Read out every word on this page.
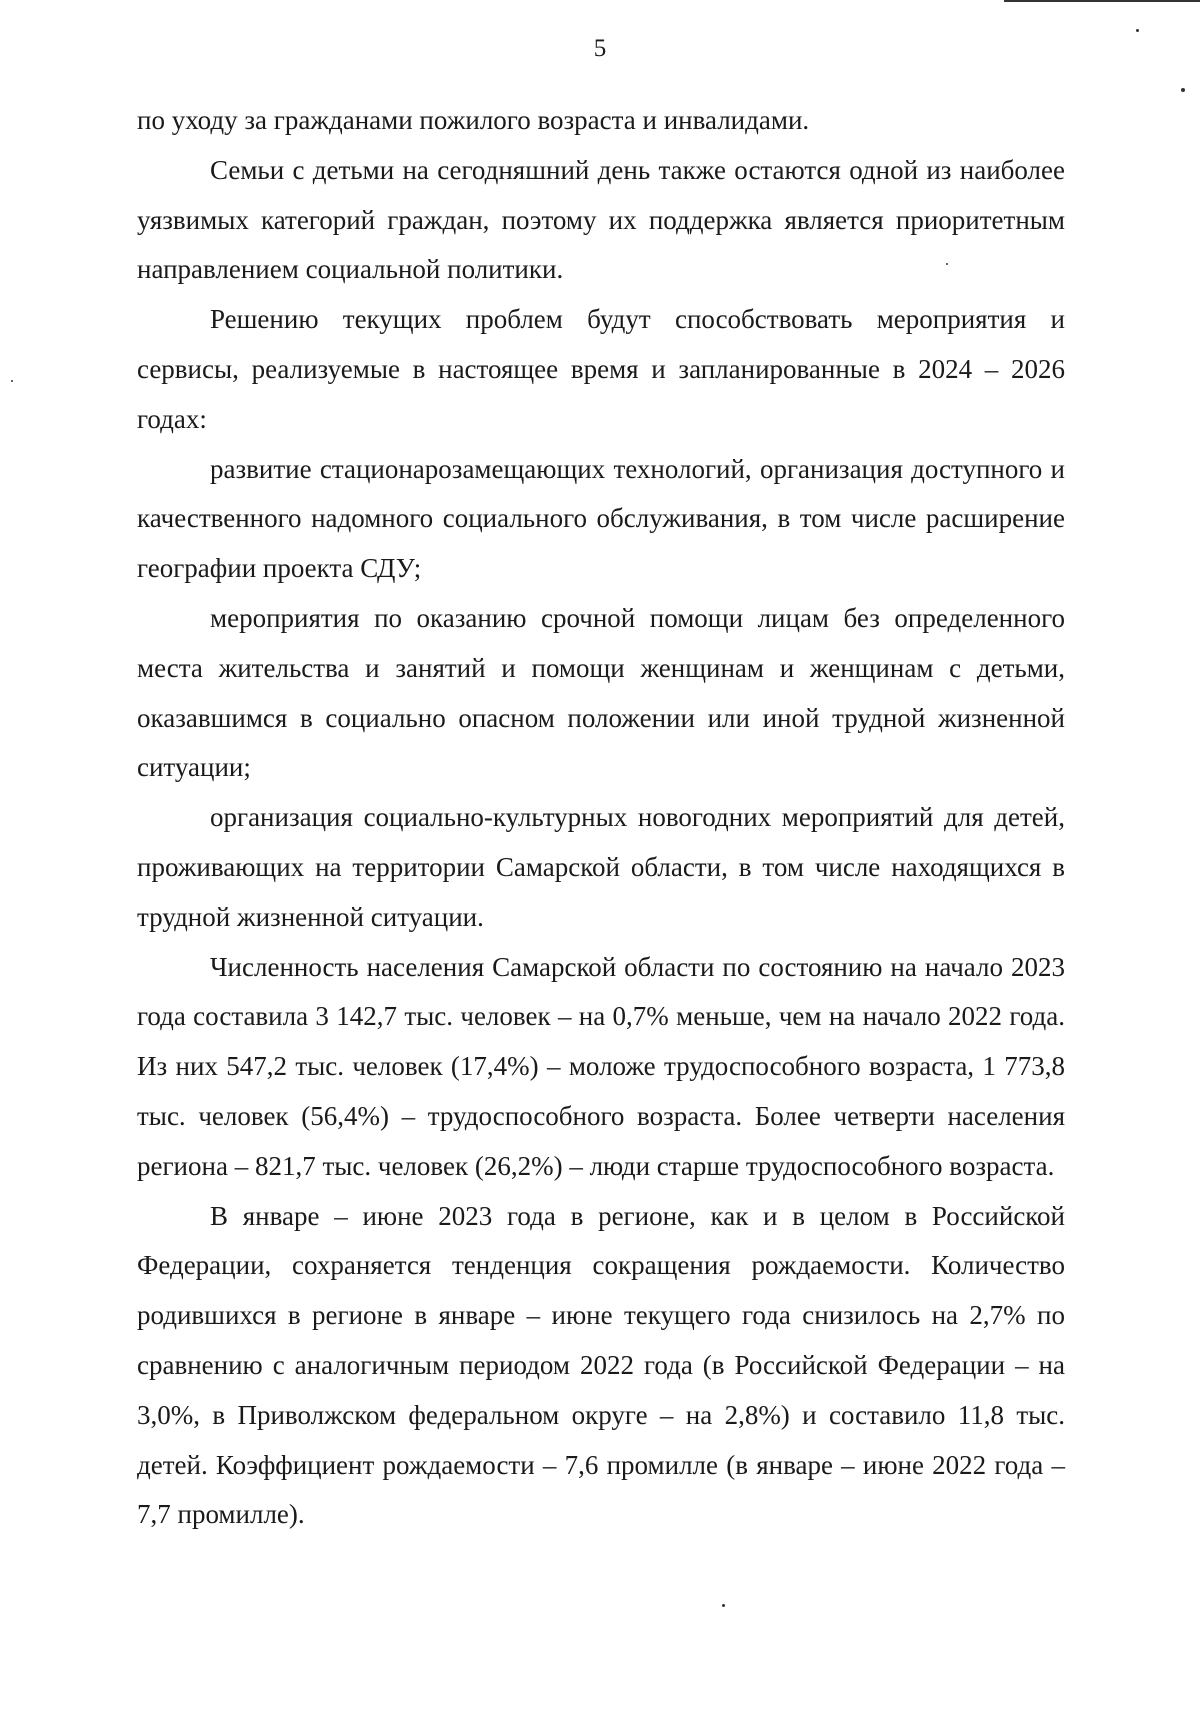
5

по уходу за гражданами пожилого возраста и инвалидами.

Семьи с детьми на сегодняшний день также остаются одной из наиболее уязвимых категорий граждан, поэтому их поддержка является приоритетным направлением социальной политики.

Решению текущих проблем будут способствовать мероприятия и сервисы, реализуемые в настоящее время и запланированные в 2024 – 2026 годах:

развитие стационарозамещающих технологий, организация доступного и качественного надомного социального обслуживания, в том числе расширение географии проекта СДУ;

мероприятия по оказанию срочной помощи лицам без определенного места жительства и занятий и помощи женщинам и женщинам с детьми, оказавшимся в социально опасном положении или иной трудной жизненной ситуации;

организация социально-культурных новогодних мероприятий для детей, проживающих на территории Самарской области, в том числе находящихся в трудной жизненной ситуации.

Численность населения Самарской области по состоянию на начало 2023 года составила 3 142,7 тыс. человек – на 0,7% меньше, чем на начало 2022 года. Из них 547,2 тыс. человек (17,4%) – моложе трудоспособного возраста, 1 773,8 тыс. человек (56,4%) – трудоспособного возраста. Более четверти населения региона – 821,7 тыс. человек (26,2%) – люди старше трудоспособного возраста.

В январе – июне 2023 года в регионе, как и в целом в Российской Федерации, сохраняется тенденция сокращения рождаемости. Количество родившихся в регионе в январе – июне текущего года снизилось на 2,7% по сравнению с аналогичным периодом 2022 года (в Российской Федерации – на 3,0%, в Приволжском федеральном округе – на 2,8%) и составило 11,8 тыс. детей. Коэффициент рождаемости – 7,6 промилле (в январе – июне 2022 года – 7,7 промилле).
